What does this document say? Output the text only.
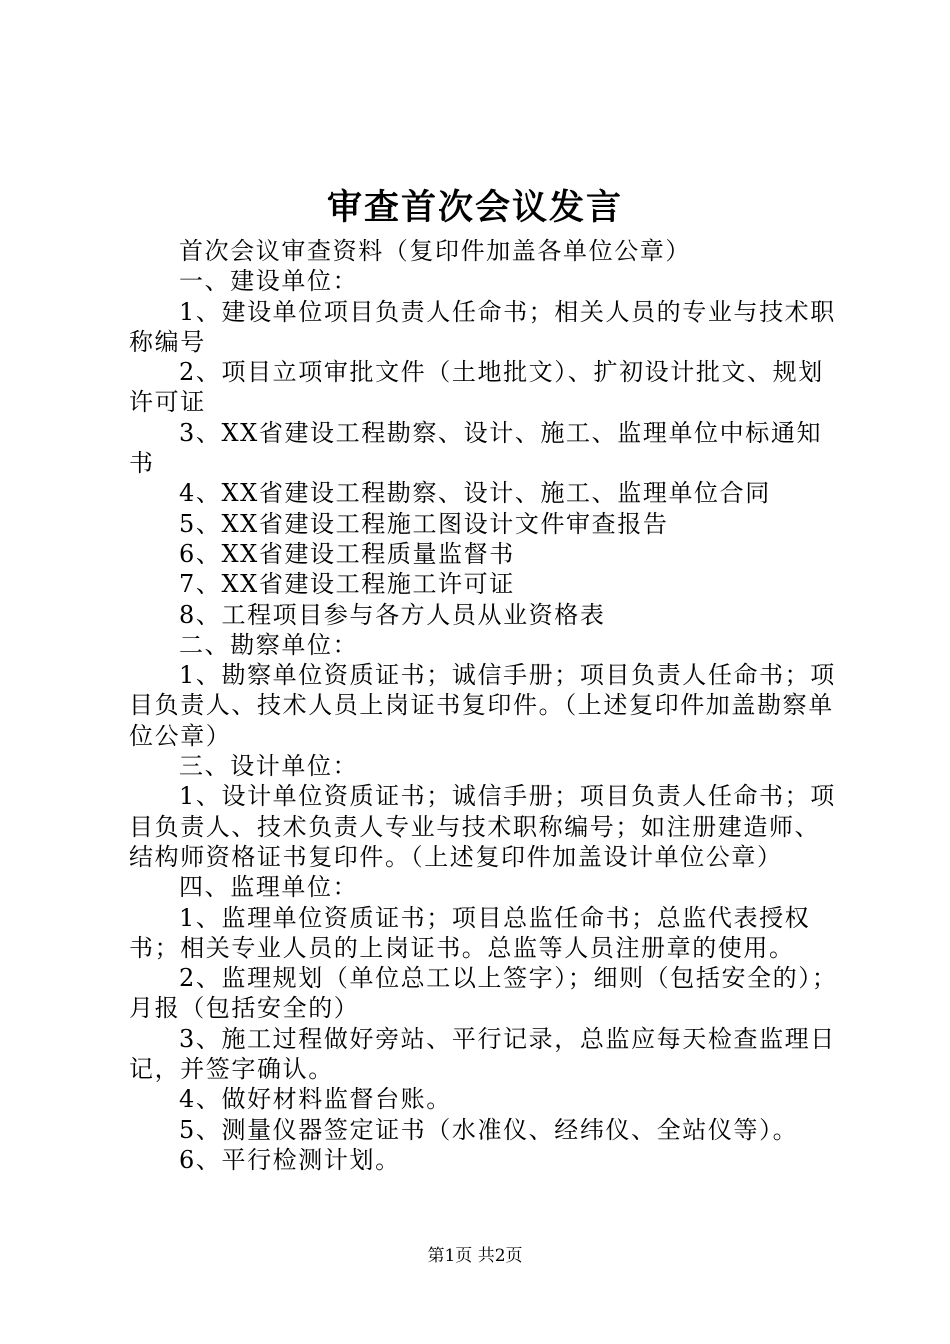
审查首次会议发言

首次会议审查资料（复印件加盖各单位公章）

一、建设单位：

1、建设单位项目负责人任命书；相关人员的专业与技术职称编号

2、项目立项审批文件（土地批文）、扩初设计批文、规划许可证

3、XX省建设工程勘察、设计、施工、监理单位中标通知书

4、XX省建设工程勘察、设计、施工、监理单位合同

5、XX省建设工程施工图设计文件审查报告

6、XX省建设工程质量监督书

7、XX省建设工程施工许可证

8、工程项目参与各方人员从业资格表

二、勘察单位：

1、勘察单位资质证书；诚信手册；项目负责人任命书；项目负责人、技术人员上岗证书复印件。（上述复印件加盖勘察单位公章）

三、设计单位：

1、设计单位资质证书；诚信手册；项目负责人任命书；项目负责人、技术负责人专业与技术职称编号；如注册建造师、结构师资格证书复印件。（上述复印件加盖设计单位公章）

四、监理单位：

1、监理单位资质证书；项目总监任命书；总监代表授权书；相关专业人员的上岗证书。总监等人员注册章的使用。

2、监理规划（单位总工以上签字）；细则（包括安全的）；月报（包括安全的）

3、施工过程做好旁站、平行记录，总监应每天检查监理日记，并签字确认。

4、做好材料监督台账。

5、测量仪器签定证书（水准仪、经纬仪、全站仪等）。

6、平行检测计划。

第1页 共2页
